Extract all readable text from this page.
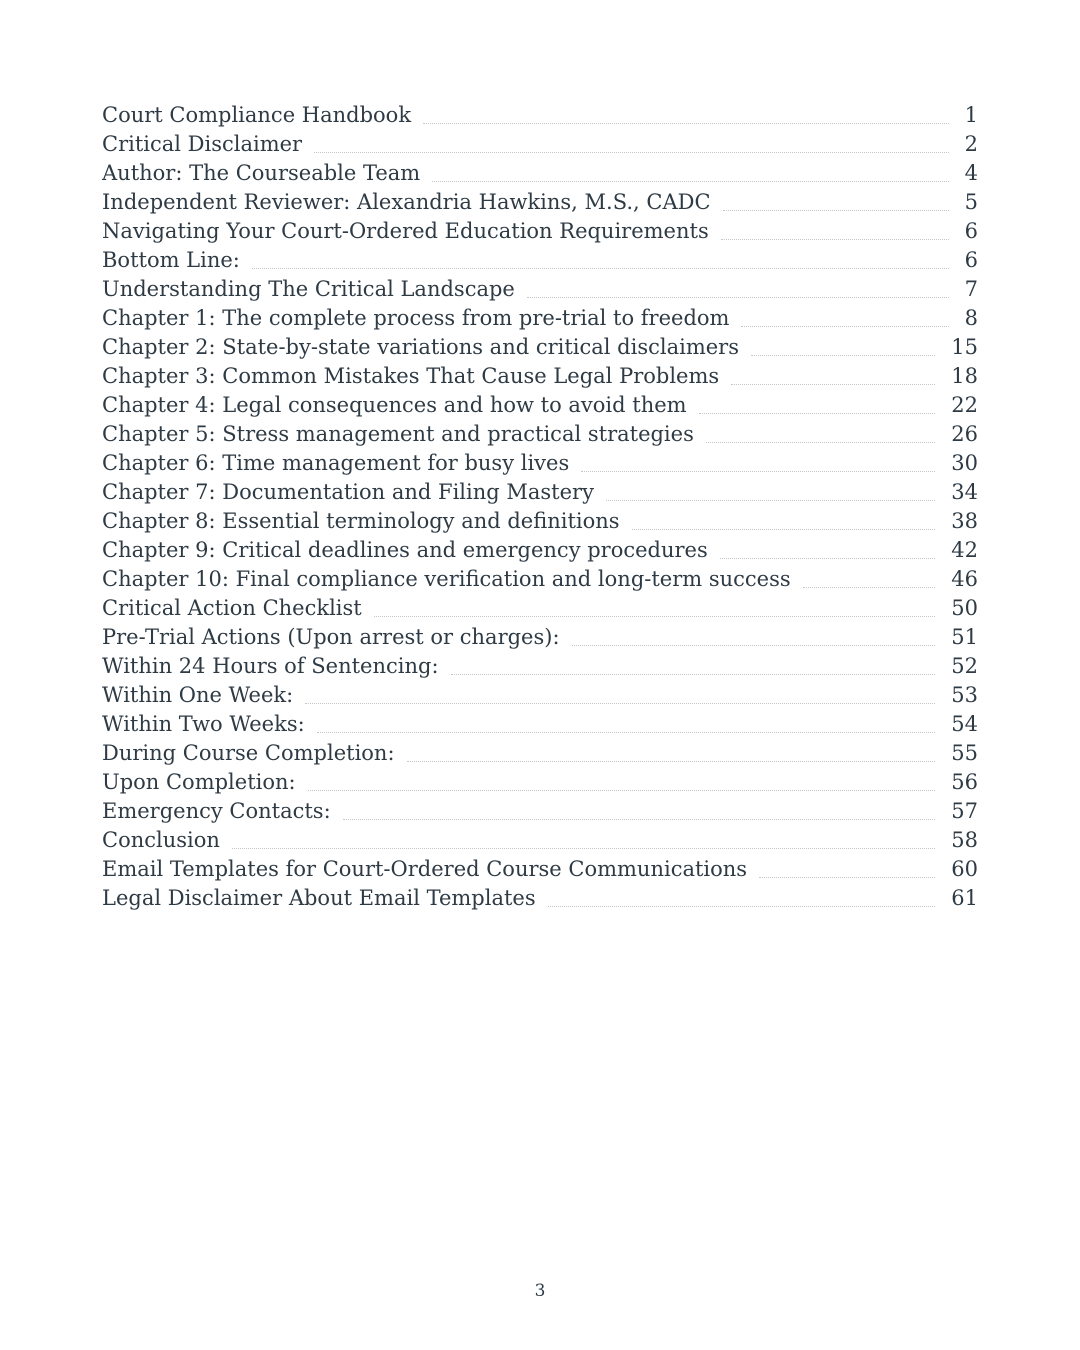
Court Compliance Handbook	1
Critical Disclaimer	2
Author: The Courseable Team	4
Independent Reviewer: Alexandria Hawkins, M.S., CADC	5
Navigating Your Court-Ordered Education Requirements	6
Bottom Line:	6
Understanding The Critical Landscape	7
Chapter 1: The complete process from pre-trial to freedom	8
Chapter 2: State-by-state variations and critical disclaimers	15
Chapter 3: Common Mistakes That Cause Legal Problems	18
Chapter 4: Legal consequences and how to avoid them	22
Chapter 5: Stress management and practical strategies	26
Chapter 6: Time management for busy lives	30
Chapter 7: Documentation and Filing Mastery	34
Chapter 8: Essential terminology and definitions	38
Chapter 9: Critical deadlines and emergency procedures	42
Chapter 10: Final compliance verification and long-term success	46
Critical Action Checklist	50
Pre-Trial Actions (Upon arrest or charges):	51
Within 24 Hours of Sentencing:	52
Within One Week:	53
Within Two Weeks:	54
During Course Completion:	55
Upon Completion:	56
Emergency Contacts:	57
Conclusion	58
Email Templates for Court-Ordered Course Communications	60
Legal Disclaimer About Email Templates	61
3
